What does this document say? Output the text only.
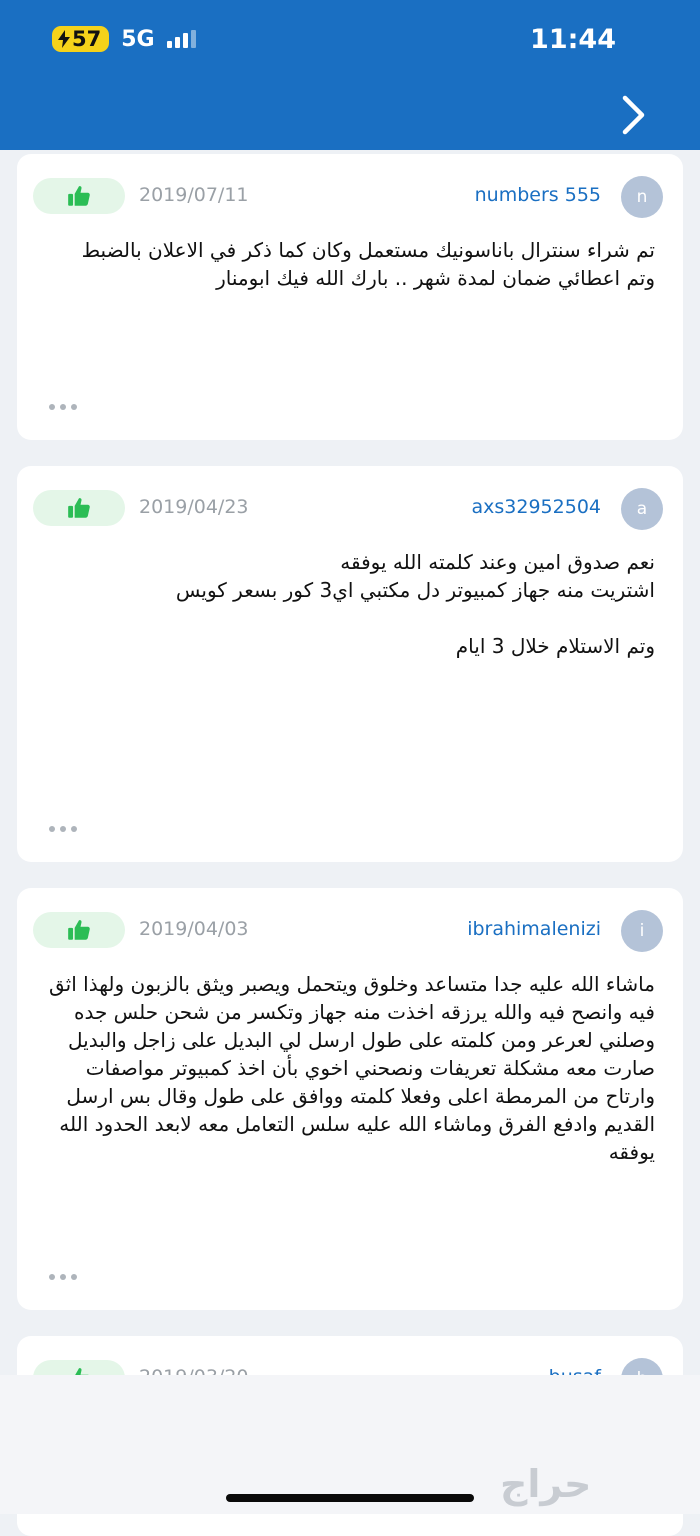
57 5G	11:44
n
numbers 555
2019/07/11
تم شراء سنترال باناسونيك مستعمل وكان كما ذكر في الاعلان بالضبط وتم اعطائي ضمان لمدة شهر .. بارك الله فيك ابومنار
a
axs32952504
2019/04/23
نعم صدوق امين وعند كلمته الله يوفقه
اشتريت منه جهاز كمبيوتر دل مكتبي اي3 كور بسعر كويس

وتم الاستلام خلال 3 ايام
i
ibrahimalenizi
2019/04/03
ماشاء الله عليه جدا متساعد وخلوق ويتحمل ويصبر ويثق بالزبون ولهذا اثق فيه وانصح فيه والله يرزقه اخذت منه جهاز وتكسر من شحن حلس جده وصلني لعرعر ومن كلمته على طول ارسل لي البديل على زاجل والبديل صارت معه مشكلة تعريفات ونصحني اخوي بأن اخذ كمبيوتر مواصفات وارتاح من المرمطة اعلى وفعلا كلمته ووافق على طول وقال بس ارسل القديم وادفع الفرق وماشاء الله عليه سلس التعامل معه لابعد الحدود الله يوفقه
حراج
